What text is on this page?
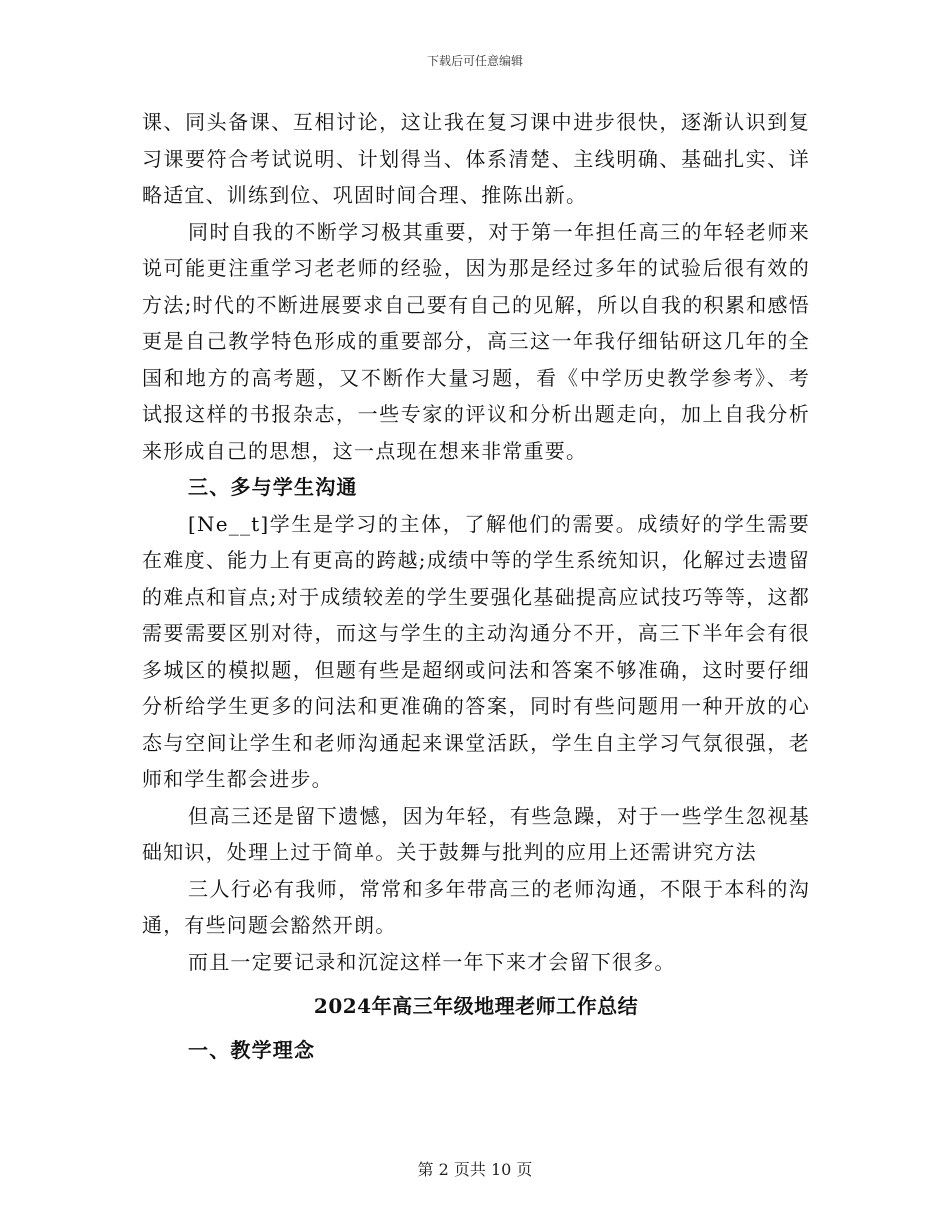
下载后可任意编辑

课、同头备课、互相讨论，这让我在复习课中进步很快，逐渐认识到复习课要符合考试说明、计划得当、体系清楚、主线明确、基础扎实、详略适宜、训练到位、巩固时间合理、推陈出新。

同时自我的不断学习极其重要，对于第一年担任高三的年轻老师来说可能更注重学习老老师的经验，因为那是经过多年的试验后很有效的方法;时代的不断进展要求自己要有自己的见解，所以自我的积累和感悟更是自己教学特色形成的重要部分，高三这一年我仔细钻研这几年的全国和地方的高考题，又不断作大量习题，看《中学历史教学参考》、考试报这样的书报杂志，一些专家的评议和分析出题走向，加上自我分析来形成自己的思想，这一点现在想来非常重要。

三、多与学生沟通

[Ne__t]学生是学习的主体，了解他们的需要。成绩好的学生需要在难度、能力上有更高的跨越;成绩中等的学生系统知识，化解过去遗留的难点和盲点;对于成绩较差的学生要强化基础提高应试技巧等等，这都需要需要区别对待，而这与学生的主动沟通分不开，高三下半年会有很多城区的模拟题，但题有些是超纲或问法和答案不够准确，这时要仔细分析给学生更多的问法和更准确的答案，同时有些问题用一种开放的心态与空间让学生和老师沟通起来课堂活跃，学生自主学习气氛很强，老师和学生都会进步。

但高三还是留下遗憾，因为年轻，有些急躁，对于一些学生忽视基础知识，处理上过于简单。关于鼓舞与批判的应用上还需讲究方法

三人行必有我师，常常和多年带高三的老师沟通，不限于本科的沟通，有些问题会豁然开朗。

而且一定要记录和沉淀这样一年下来才会留下很多。

2024年高三年级地理老师工作总结

一、教学理念

第 2 页共 10 页
